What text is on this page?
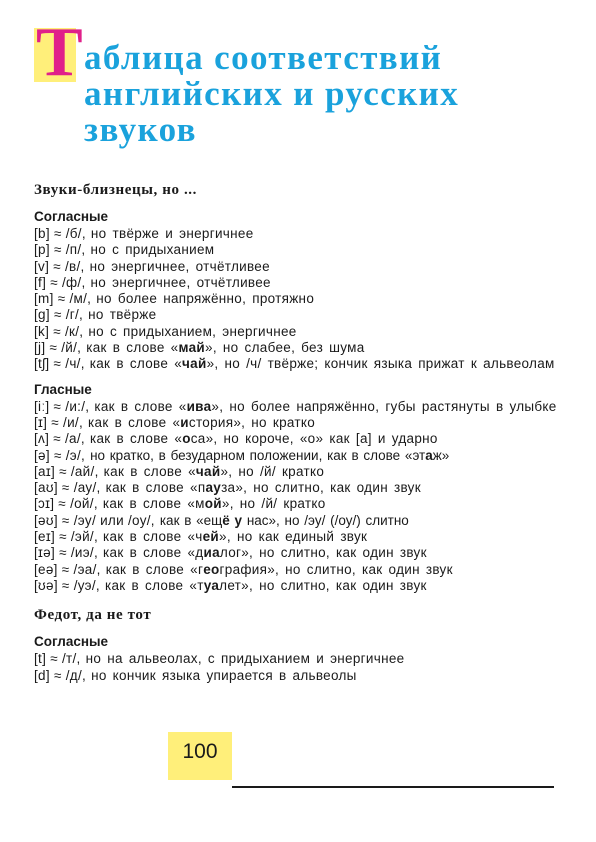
Т аблица соответствий
английских и русских
звуков
Звуки-близнецы, но ...
Согласные
[b] ≈ /б/, но твёрже и энергичнее
[p] ≈ /п/, но с придыханием
[v] ≈ /в/, но энергичнее, отчётливее
[f] ≈ /ф/, но энергичнее, отчётливее
[m] ≈ /м/, но более напряжённо, протяжно
[g] ≈ /г/, но твёрже
[k] ≈ /к/, но с придыханием, энергичнее
[j] ≈ /й/, как в слове «май», но слабее, без шума
[tʃ] ≈ /ч/, как в слове «чай», но /ч/ твёрже; кончик языка прижат к альвеолам
Гласные
[iː] ≈ /и:/, как в слове «ива», но более напряжённо, губы растянуты в улыбке
[ɪ] ≈ /и/, как в слове «история», но кратко
[ʌ] ≈ /а/, как в слове «оса», но короче, «о» как [a] и ударно
[ə] ≈ /э/, но кратко, в безударном положении, как в слове «этаж»
[aɪ] ≈ /ай/, как в слове «чай», но /й/ кратко
[aʊ] ≈ /ау/, как в слове «пауза», но слитно, как один звук
[ɔɪ] ≈ /ой/, как в слове «мой», но /й/ кратко
[əʊ] ≈ /эу/ или /оу/, как в «ещё у нас», но /эу/ (/оу/) слитно
[eɪ] ≈ /эй/, как в слове «чей», но как единый звук
[ɪə] ≈ /иэ/, как в слове «диалог», но слитно, как один звук
[eə] ≈ /эа/, как в слове «география», но слитно, как один звук
[ʊə] ≈ /уэ/, как в слове «туалет», но слитно, как один звук
Федот, да не тот
Согласные
[t] ≈ /т/, но на альвеолах, с придыханием и энергичнее
[d] ≈ /д/, но кончик языка упирается в альвеолы
100
